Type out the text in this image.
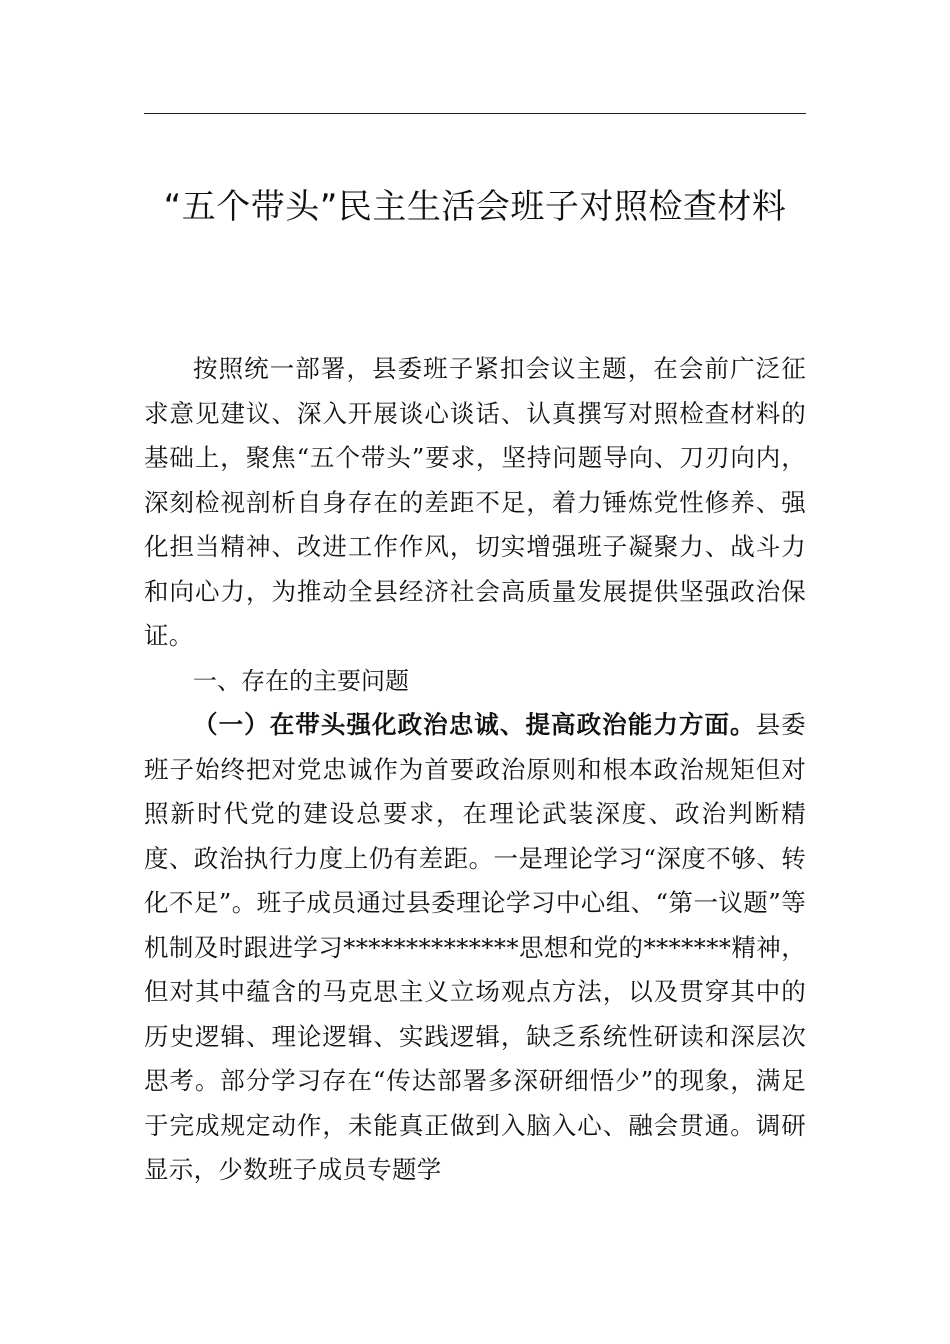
“五个带头”民主生活会班子对照检查材料

按照统一部署，县委班子紧扣会议主题，在会前广泛征求意见建议、深入开展谈心谈话、认真撰写对照检查材料的基础上，聚焦“五个带头”要求，坚持问题导向、刀刃向内，深刻检视剖析自身存在的差距不足，着力锤炼党性修养、强化担当精神、改进工作作风，切实增强班子凝聚力、战斗力和向心力，为推动全县经济社会高质量发展提供坚强政治保证。

一、存在的主要问题

（一）在带头强化政治忠诚、提高政治能力方面。县委班子始终把对党忠诚作为首要政治原则和根本政治规矩但对照新时代党的建设总要求，在理论武装深度、政治判断精度、政治执行力度上仍有差距。一是理论学习“深度不够、转化不足”。班子成员通过县委理论学习中心组、“第一议题”等机制及时跟进学习**************思想和党的*******精神，但对其中蕴含的马克思主义立场观点方法，以及贯穿其中的历史逻辑、理论逻辑、实践逻辑，缺乏系统性研读和深层次思考。部分学习存在“传达部署多深研细悟少”的现象，满足于完成规定动作，未能真正做到入脑入心、融会贯通。调研显示，少数班子成员专题学
